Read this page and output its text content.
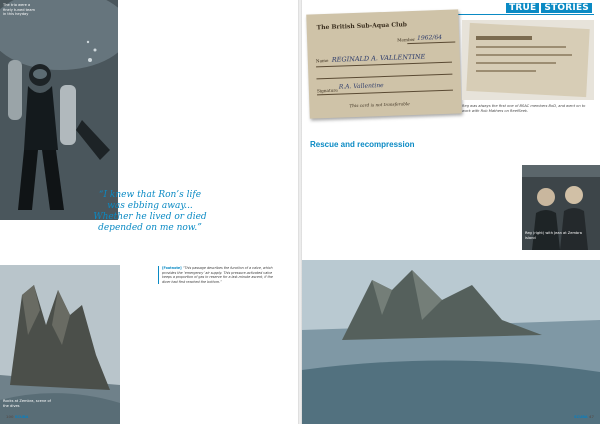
The trio were a finely tuned team in this heyday
“I knew that Ron’s life was ebbing away... Whether he lived or died depended on me now.”
Rocks at Zembra, scene of the dives
[Footnote] “This passage describes the function of a valve, which provides the ‘emergency’ air supply. This pressure-activated valve keeps a proportion of gas in reserve for a last-minute ascent, if the diver had first reached the bottom.”
100 SCUBA
TRUE STORIES
The British Sub-Aqua Club
Member 1962/64
Name REGINALD A. VALLENTINE
Signature R.A. Vallentine
This card is not transferable	Reg was always the first one of BSAC members BoD, and went on to work with Rob Mathers on ReefSeek.
Rescue and recompression
Reg (right) with Jean at Zembra island
SCUBA 47
